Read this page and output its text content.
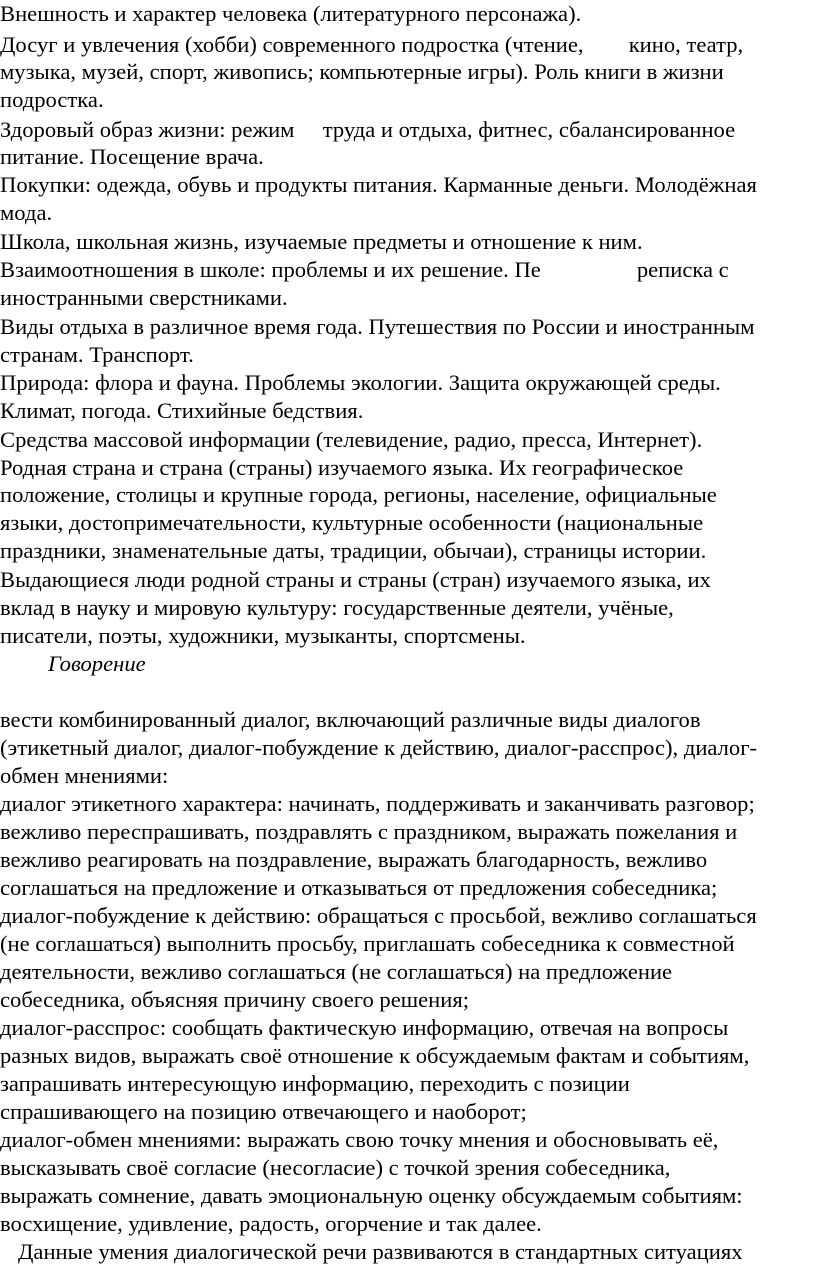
Внешность и характер человека (литературного персонажа).
Досуг и увлечения (хобби) современного подростка (чтение,        кино, театр,
музыка, музей, спорт, живопись; компьютерные игры). Роль книги в жизни
подростка.
Здоровый образ жизни: режим     труда и отдыха, фитнес, сбалансированное
питание. Посещение врача.
Покупки: одежда, обувь и продукты питания. Карманные деньги. Молодёжная
мода.
Школа, школьная жизнь, изучаемые предметы и отношение к ним.
Взаимоотношения в школе: проблемы и их решение. Пе                 реписка с
иностранными сверстниками.
Виды отдыха в различное время года. Путешествия по России и иностранным
странам. Транспорт.
Природа: флора и фауна. Проблемы экологии. Защита окружающей среды.
Климат, погода. Стихийные бедствия.
Средства массовой информации (телевидение, радио, пресса, Интернет).
Родная страна и страна (страны) изучаемого языка. Их географическое
положение, столицы и крупные города, регионы, население, официальные
языки, достопримечательности, культурные особенности (национальные
праздники, знаменательные даты, традиции, обычаи), страницы истории.
Выдающиеся люди родной страны и страны (стран) изучаемого языка, их
вклад в науку и мировую культуру: государственные деятели, учёные,
писатели, поэты, художники, музыканты, спортсмены.
Говорение

вести комбинированный диалог, включающий различные виды диалогов
(этикетный диалог, диалог-побуждение к действию, диалог-расспрос), диалог-
обмен мнениями:
диалог этикетного характера: начинать, поддерживать и заканчивать разговор;
вежливо переспрашивать, поздравлять с праздником, выражать пожелания и
вежливо реагировать на поздравление, выражать благодарность, вежливо
соглашаться на предложение и отказываться от предложения собеседника;
диалог-побуждение к действию: обращаться с просьбой, вежливо соглашаться
(не соглашаться) выполнить просьбу, приглашать собеседника к совместной
деятельности, вежливо соглашаться (не соглашаться) на предложение
собеседника, объясняя причину своего решения;
диалог-расспрос: сообщать фактическую информацию, отвечая на вопросы
разных видов, выражать своё отношение к обсуждаемым фактам и событиям,
запрашивать интересующую информацию, переходить с позиции
спрашивающего на позицию отвечающего и наоборот;
диалог-обмен мнениями: выражать свою точку мнения и обосновывать её,
высказывать своё согласие (несогласие) с точкой зрения собеседника,
выражать сомнение, давать эмоциональную оценку обсуждаемым событиям:
восхищение, удивление, радость, огорчение и так далее.
Данные умения диалогической речи развиваются в стандартных ситуациях
